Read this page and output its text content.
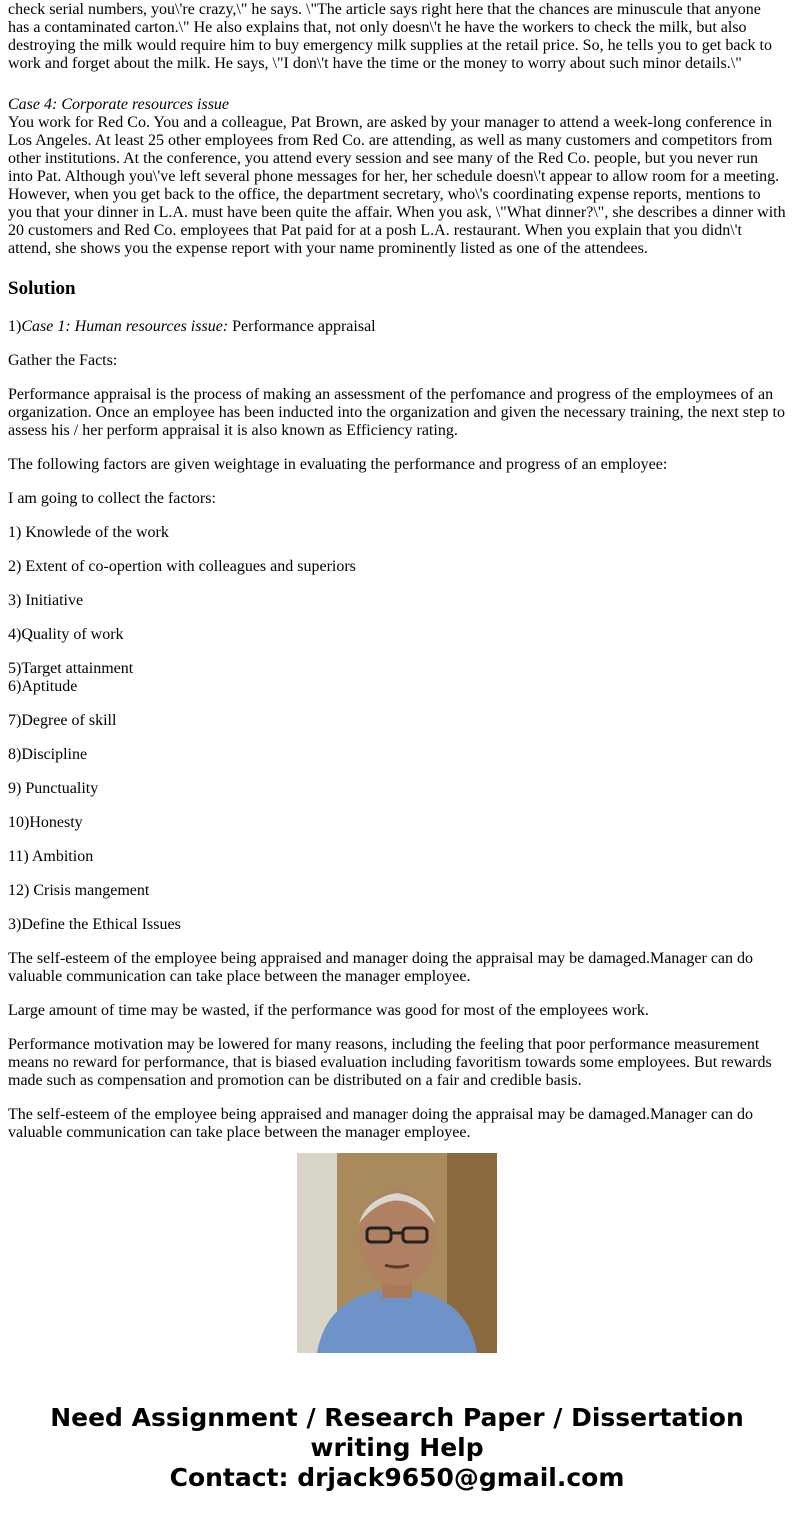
check serial numbers, you\'re crazy,\" he says. \"The article says right here that the chances are minuscule that anyone has a contaminated carton.\" He also explains that, not only doesn\'t he have the workers to check the milk, but also destroying the milk would require him to buy emergency milk supplies at the retail price. So, he tells you to get back to work and forget about the milk. He says, \"I don\'t have the time or the money to worry about such minor details.\"

Case 4: Corporate resources issue
You work for Red Co. You and a colleague, Pat Brown, are asked by your manager to attend a week-long conference in Los Angeles. At least 25 other employees from Red Co. are attending, as well as many customers and competitors from other institutions. At the conference, you attend every session and see many of the Red Co. people, but you never run into Pat. Although you\'ve left several phone messages for her, her schedule doesn\'t appear to allow room for a meeting. However, when you get back to the office, the department secretary, who\'s coordinating expense reports, mentions to you that your dinner in L.A. must have been quite the affair. When you ask, \"What dinner?\", she describes a dinner with 20 customers and Red Co. employees that Pat paid for at a posh L.A. restaurant. When you explain that you didn\'t attend, she shows you the expense report with your name prominently listed as one of the attendees.

Solution

1)Case 1: Human resources issue: Performance appraisal

Gather the Facts:

Performance appraisal is the process of making an assessment of the perfomance and progress of the employmees of an organization. Once an employee has been inducted into the organization and given the necessary training, the next step to assess his / her perform appraisal it is also known as Efficiency rating.

The following factors are given weightage in evaluating the performance and progress of an employee:

I am going to collect the factors:

1) Knowlede of the work

2) Extent of co-opertion with colleagues and superiors

3) Initiative

4)Quality of work

5)Target attainment

6)Aptitude

7)Degree of skill

8)Discipline

9) Punctuality

10)Honesty

11) Ambition

12) Crisis mangement

3)Define the Ethical Issues

The self-esteem of the employee being appraised and manager doing the appraisal may be damaged.Manager can do valuable communication can take place between the manager employee.

Large amount of time may be wasted, if the performance was good for most of the employees work.

Performance motivation may be lowered for many reasons, including the feeling that poor performance measurement means no reward for performance, that is biased evaluation including favoritism towards some employees. But rewards made such as compensation and promotion can be distributed on a fair and credible basis.

The self-esteem of the employee being appraised and manager doing the appraisal may be damaged.Manager can do valuable communication can take place between the manager employee.

Need Assignment / Research Paper / Dissertation writing Help
Contact: drjack9650@gmail.com
